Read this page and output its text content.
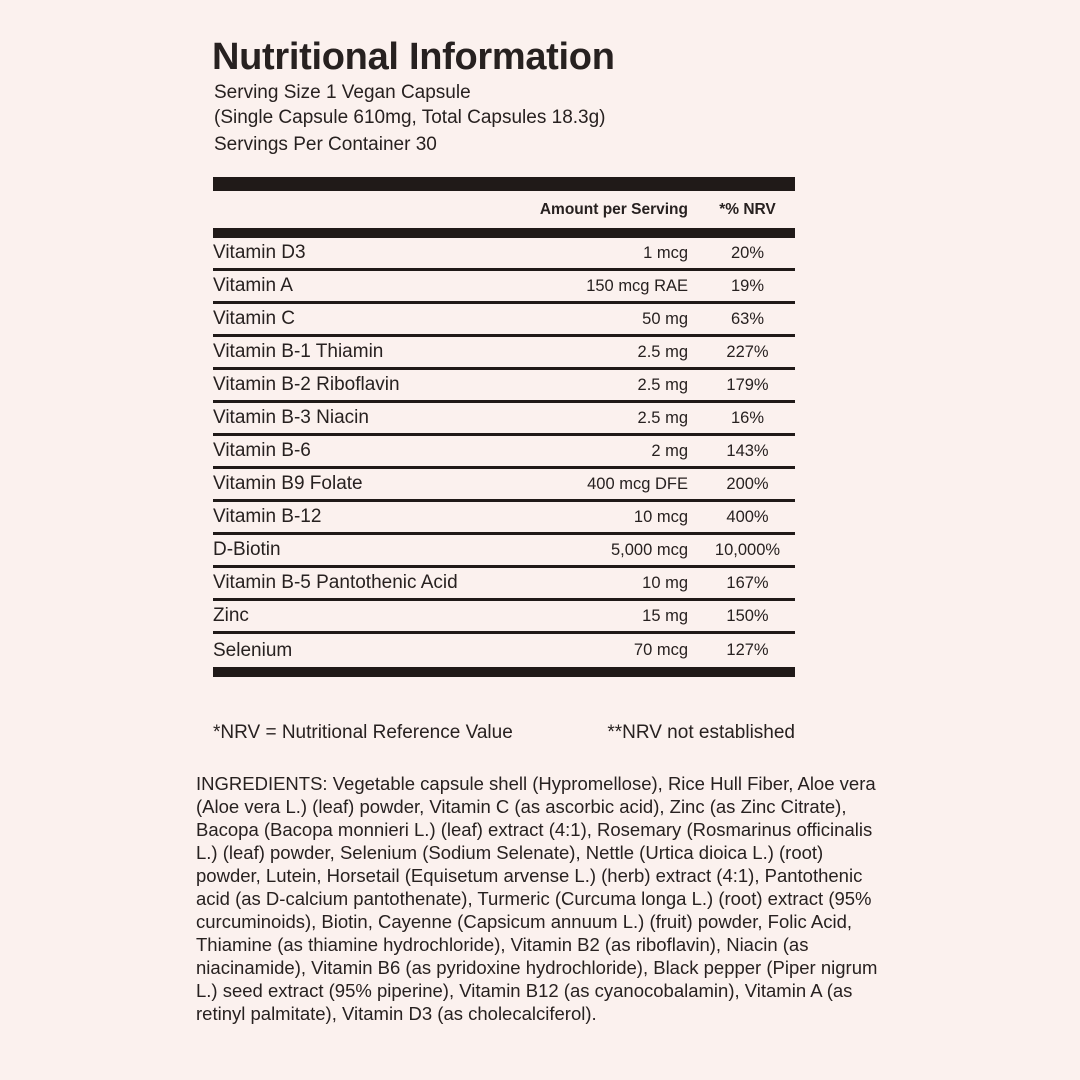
Nutritional Information
Serving Size 1 Vegan Capsule
(Single Capsule 610mg, Total Capsules 18.3g)
Servings Per Container 30
Amount per Serving	*% NRV
Vitamin D3	1 mcg	20%
Vitamin A	150 mcg RAE	19%
Vitamin C	50 mg	63%
Vitamin B-1 Thiamin	2.5 mg	227%
Vitamin B-2 Riboflavin	2.5 mg	179%
Vitamin B-3 Niacin	2.5 mg	16%
Vitamin B-6	2 mg	143%
Vitamin B9 Folate	400 mcg DFE	200%
Vitamin B-12	10 mcg	400%
D-Biotin	5,000 mcg	10,000%
Vitamin B-5 Pantothenic Acid	10 mg	167%
Zinc	15 mg	150%
Selenium	70 mcg	127%
*NRV = Nutritional Reference Value	**NRV not established

INGREDIENTS: Vegetable capsule shell (Hypromellose), Rice Hull Fiber, Aloe vera (Aloe vera L.) (leaf) powder, Vitamin C (as ascorbic acid), Zinc (as Zinc Citrate), Bacopa (Bacopa monnieri L.) (leaf) extract (4:1), Rosemary (Rosmarinus officinalis L.) (leaf) powder, Selenium (Sodium Selenate), Nettle (Urtica dioica L.) (root) powder, Lutein, Horsetail (Equisetum arvense L.) (herb) extract (4:1), Pantothenic acid (as D-calcium pantothenate), Turmeric (Curcuma longa L.) (root) extract (95% curcuminoids), Biotin, Cayenne (Capsicum annuum L.) (fruit) powder, Folic Acid, Thiamine (as thiamine hydrochloride), Vitamin B2 (as riboflavin), Niacin (as niacinamide), Vitamin B6 (as pyridoxine hydrochloride), Black pepper (Piper nigrum L.) seed extract (95% piperine), Vitamin B12 (as cyanocobalamin), Vitamin A (as retinyl palmitate), Vitamin D3 (as cholecalciferol).
